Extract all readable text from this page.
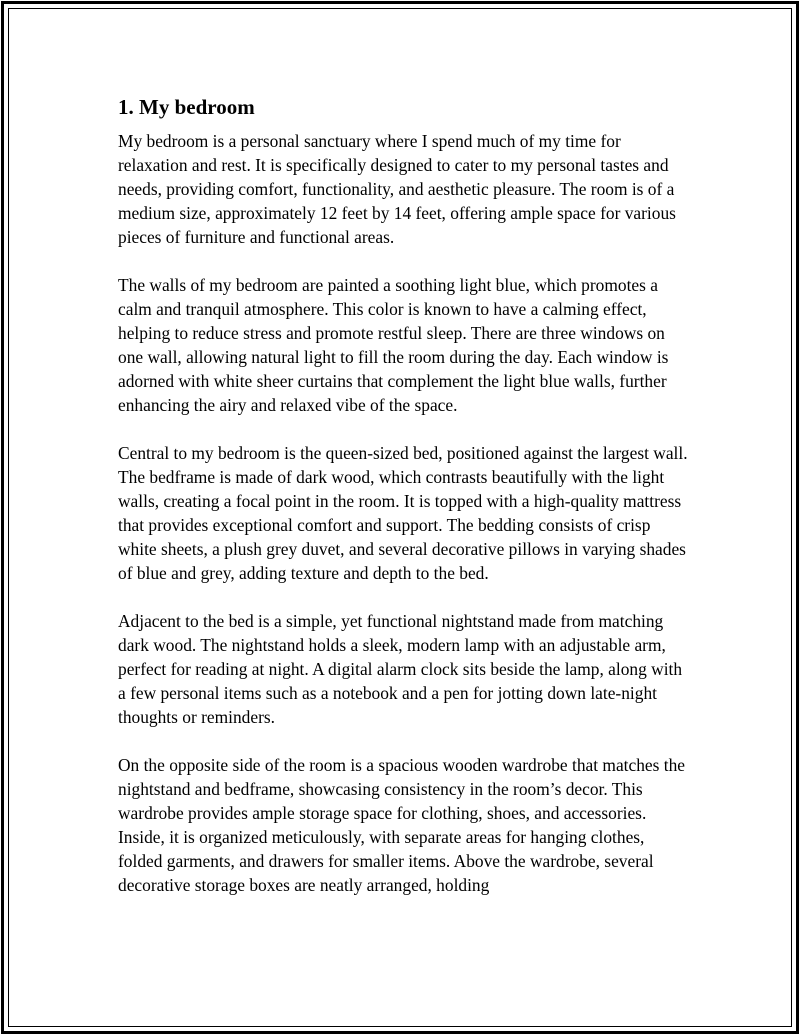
1. My bedroom

My bedroom is a personal sanctuary where I spend much of my time for relaxation and rest. It is specifically designed to cater to my personal tastes and needs, providing comfort, functionality, and aesthetic pleasure. The room is of a medium size, approximately 12 feet by 14 feet, offering ample space for various pieces of furniture and functional areas.

The walls of my bedroom are painted a soothing light blue, which promotes a calm and tranquil atmosphere. This color is known to have a calming effect, helping to reduce stress and promote restful sleep. There are three windows on one wall, allowing natural light to fill the room during the day. Each window is adorned with white sheer curtains that complement the light blue walls, further enhancing the airy and relaxed vibe of the space.

Central to my bedroom is the queen-sized bed, positioned against the largest wall. The bedframe is made of dark wood, which contrasts beautifully with the light walls, creating a focal point in the room. It is topped with a high-quality mattress that provides exceptional comfort and support. The bedding consists of crisp white sheets, a plush grey duvet, and several decorative pillows in varying shades of blue and grey, adding texture and depth to the bed.

Adjacent to the bed is a simple, yet functional nightstand made from matching dark wood. The nightstand holds a sleek, modern lamp with an adjustable arm, perfect for reading at night. A digital alarm clock sits beside the lamp, along with a few personal items such as a notebook and a pen for jotting down late-night thoughts or reminders.

On the opposite side of the room is a spacious wooden wardrobe that matches the nightstand and bedframe, showcasing consistency in the room’s decor. This wardrobe provides ample storage space for clothing, shoes, and accessories. Inside, it is organized meticulously, with separate areas for hanging clothes, folded garments, and drawers for smaller items. Above the wardrobe, several decorative storage boxes are neatly arranged, holding
